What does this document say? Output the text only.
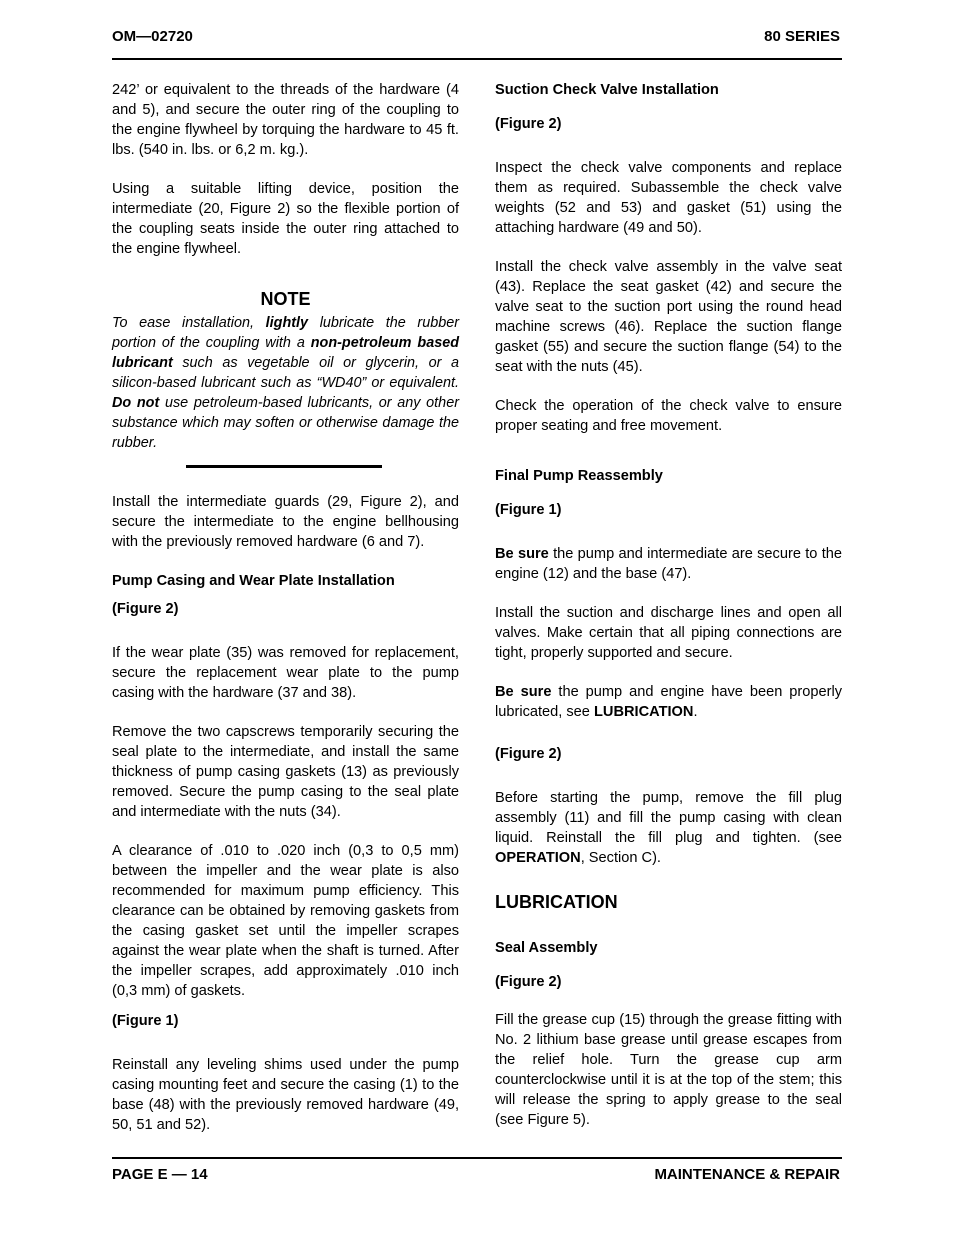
OM—02720	80 SERIES

242’ or equivalent to the threads of the hardware (4 and 5), and secure the outer ring of the coupling to the engine flywheel by torquing the hardware to 45 ft. lbs. (540 in. lbs. or 6,2 m. kg.).

Using a suitable lifting device, position the intermediate (20, Figure 2) so the flexible portion of the coupling seats inside the outer ring attached to the engine flywheel.

NOTE
To ease installation, lightly lubricate the rubber portion of the coupling with a non-petroleum based lubricant such as vegetable oil or glycerin, or a silicon-based lubricant such as “WD40” or equivalent. Do not use petroleum-based lubricants, or any other substance which may soften or otherwise damage the rubber.

Install the intermediate guards (29, Figure 2), and secure the intermediate to the engine bellhousing with the previously removed hardware (6 and 7).

Pump Casing and Wear Plate Installation
(Figure 2)

If the wear plate (35) was removed for replacement, secure the replacement wear plate to the pump casing with the hardware (37 and 38).

Remove the two capscrews temporarily securing the seal plate to the intermediate, and install the same thickness of pump casing gaskets (13) as previously removed. Secure the pump casing to the seal plate and intermediate with the nuts (34).

A clearance of .010 to .020 inch (0,3 to 0,5 mm) between the impeller and the wear plate is also recommended for maximum pump efficiency. This clearance can be obtained by removing gaskets from the casing gasket set until the impeller scrapes against the wear plate when the shaft is turned. After the impeller scrapes, add approximately .010 inch (0,3 mm) of gaskets.

(Figure 1)

Reinstall any leveling shims used under the pump casing mounting feet and secure the casing (1) to the base (48) with the previously removed hardware (49, 50, 51 and 52).

Suction Check Valve Installation
(Figure 2)

Inspect the check valve components and replace them as required. Subassemble the check valve weights (52 and 53) and gasket (51) using the attaching hardware (49 and 50).

Install the check valve assembly in the valve seat (43). Replace the seat gasket (42) and secure the valve seat to the suction port using the round head machine screws (46). Replace the suction flange gasket (55) and secure the suction flange (54) to the seat with the nuts (45).

Check the operation of the check valve to ensure proper seating and free movement.

Final Pump Reassembly
(Figure 1)

Be sure the pump and intermediate are secure to the engine (12) and the base (47).

Install the suction and discharge lines and open all valves. Make certain that all piping connections are tight, properly supported and secure.

Be sure the pump and engine have been properly lubricated, see LUBRICATION.

(Figure 2)

Before starting the pump, remove the fill plug assembly (11) and fill the pump casing with clean liquid. Reinstall the fill plug and tighten. (see OPERATION, Section C).

LUBRICATION
Seal Assembly
(Figure 2)

Fill the grease cup (15) through the grease fitting with No. 2 lithium base grease until grease escapes from the relief hole. Turn the grease cup arm counterclockwise until it is at the top of the stem; this will release the spring to apply grease to the seal (see Figure 5).

PAGE E — 14	MAINTENANCE & REPAIR
